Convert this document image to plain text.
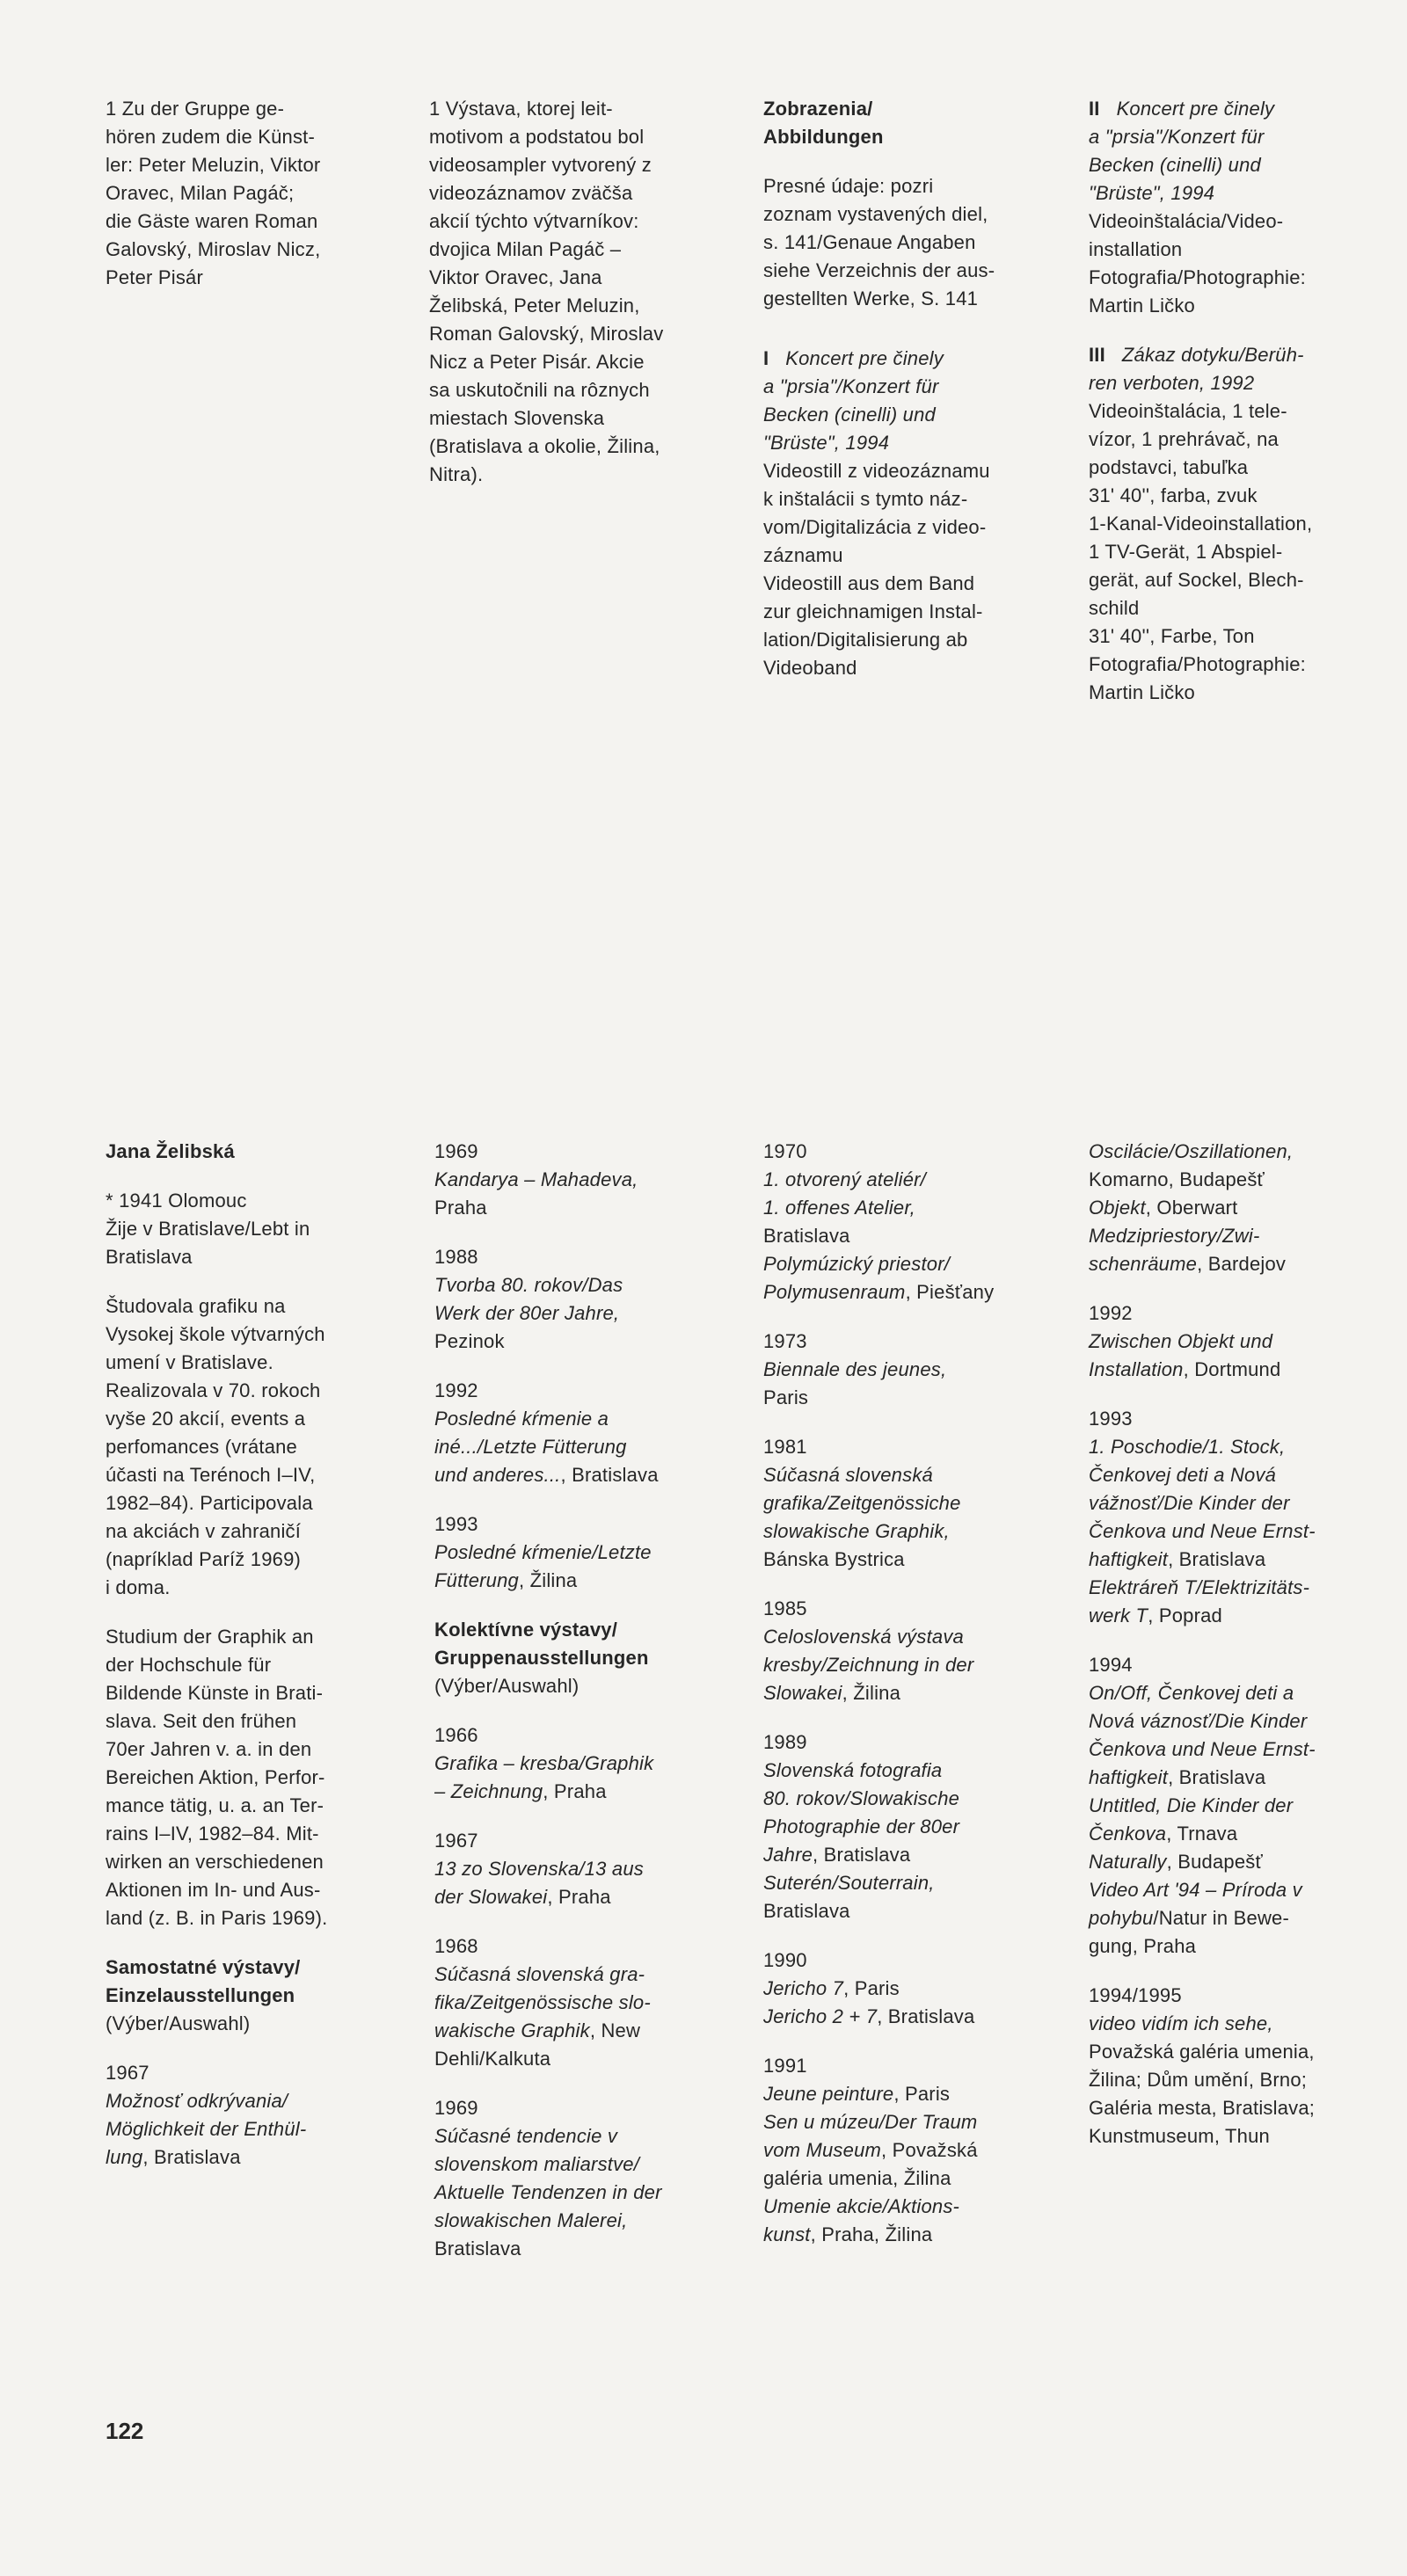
1 Zu der Gruppe ge-
hören zudem die Künst-
ler: Peter Meluzin, Viktor
Oravec, Milan Pagáč;
die Gäste waren Roman
Galovský, Miroslav Nicz,
Peter Pisár
1 Výstava, ktorej leit-
motivom a podstatou bol
videosampler vytvorený z
videozáznamov zväčša
akcií týchto výtvarníkov:
dvojica Milan Pagáč –
Viktor Oravec, Jana
Želibská, Peter Meluzin,
Roman Galovský, Miroslav
Nicz a Peter Pisár. Akcie
sa uskutočnili na rôznych
miestach Slovenska
(Bratislava a okolie, Žilina,
Nitra).
Zobrazenia/
Abbildungen
Presné údaje: pozri
zoznam vystavených diel,
s. 141/Genaue Angaben
siehe Verzeichnis der aus-
gestellten Werke, S. 141
I Koncert pre činely
a "prsia"/Konzert für
Becken (cinelli) und
"Brüste", 1994
Videostill z videozáznamu
k inštalácii s tymto náz-
vom/Digitalizácia z video-
záznamu
Videostill aus dem Band
zur gleichnamigen Instal-
lation/Digitalisierung ab
Videoband
II Koncert pre činely
a "prsia"/Konzert für
Becken (cinelli) und
"Brüste", 1994
Videoinštalácia/Video-
installation
Fotografia/Photographie:
Martin Ličko
III Zákaz dotyku/Berüh-
ren verboten, 1992
Videoinštalácia, 1 tele-
vízor, 1 prehrávač, na
podstavci, tabuľka
31' 40'', farba, zvuk
1-Kanal-Videoinstallation,
1 TV-Gerät, 1 Abspiel-
gerät, auf Sockel, Blech-
schild
31' 40'', Farbe, Ton
Fotografia/Photographie:
Martin Ličko

Jana Želibská

* 1941 Olomouc

Žije v Bratislave/Lebt in
Bratislava
Študovala grafiku na
Vysokej škole výtvarných
umení v Bratislave.
Realizovala v 70. rokoch
vyše 20 akcií, events a
perfomances (vrátane
účasti na Terénoch I–IV,
1982–84). Participovala
na akciách v zahraničí
(napríklad Paríž 1969)
i doma.
Studium der Graphik an
der Hochschule für
Bildende Künste in Brati-
slava. Seit den frühen
70er Jahren v. a. in den
Bereichen Aktion, Perfor-
mance tätig, u. a. an Ter-
rains I–IV, 1982–84. Mit-
wirken an verschiedenen
Aktionen im In- und Aus-
land (z. B. in Paris 1969).
Samostatné výstavy/
Einzelausstellungen

(Výber/Auswahl)

1967

Možnosť odkrývania/
Möglichkeit der Enthül-
lung, Bratislava
1969
Kandarya – Mahadeva,
Praha
1988
Tvorba 80. rokov/Das
Werk der 80er Jahre,
Pezinok
1992
Posledné kŕmenie a
iné.../Letzte Fütterung
und anderes..., Bratislava
1993
Posledné kŕmenie/Letzte
Fütterung, Žilina
Kolektívne výstavy/
Gruppenausstellungen
(Výber/Auswahl)
1966
Grafika – kresba/Graphik
– Zeichnung, Praha
1967
13 zo Slovenska/13 aus
der Slowakei, Praha
1968
Súčasná slovenská gra-
fika/Zeitgenössische slo-
wakische Graphik, New
Dehli/Kalkuta
1969
Súčasné tendencie v
slovenskom maliarstve/
Aktuelle Tendenzen in der
slowakischen Malerei,
Bratislava
1970
1. otvorený ateliér/
1. offenes Atelier,
Bratislava
Polymúzický priestor/
Polymusenraum, Piešťany
1973
Biennale des jeunes,
Paris
1981
Súčasná slovenská
grafika/Zeitgenössiche
slowakische Graphik,
Bánska Bystrica
1985
Celoslovenská výstava
kresby/Zeichnung in der
Slowakei, Žilina
1989
Slovenská fotografia
80. rokov/Slowakische
Photographie der 80er
Jahre, Bratislava
Suterén/Souterrain,
Bratislava
1990
Jericho 7, Paris
Jericho 2 + 7, Bratislava
1991
Jeune peinture, Paris
Sen u múzeu/Der Traum
vom Museum, Považská
galéria umenia, Žilina
Umenie akcie/Aktions-
kunst, Praha, Žilina
Oscilácie/Oszillationen,
Komarno, Budapešť
Objekt, Oberwart
Medzipriestory/Zwi-
schenräume, Bardejov
1992
Zwischen Objekt und
Installation, Dortmund
1993
1. Poschodie/1. Stock,
Čenkovej deti a Nová
vážnosť/Die Kinder der
Čenkova und Neue Ernst-
haftigkeit, Bratislava
Elektráreň T/Elektrizitäts-
werk T, Poprad
1994
On/Off, Čenkovej deti a
Nová váznosť/Die Kinder
Čenkova und Neue Ernst-
haftigkeit, Bratislava
Untitled, Die Kinder der
Čenkova, Trnava
Naturally, Budapešť
Video Art '94 – Príroda v
pohybu/Natur in Bewe-
gung, Praha
1994/1995
video vidím ich sehe,
Považská galéria umenia,
Žilina; Dům umění, Brno;
Galéria mesta, Bratislava;
Kunstmuseum, Thun
122
